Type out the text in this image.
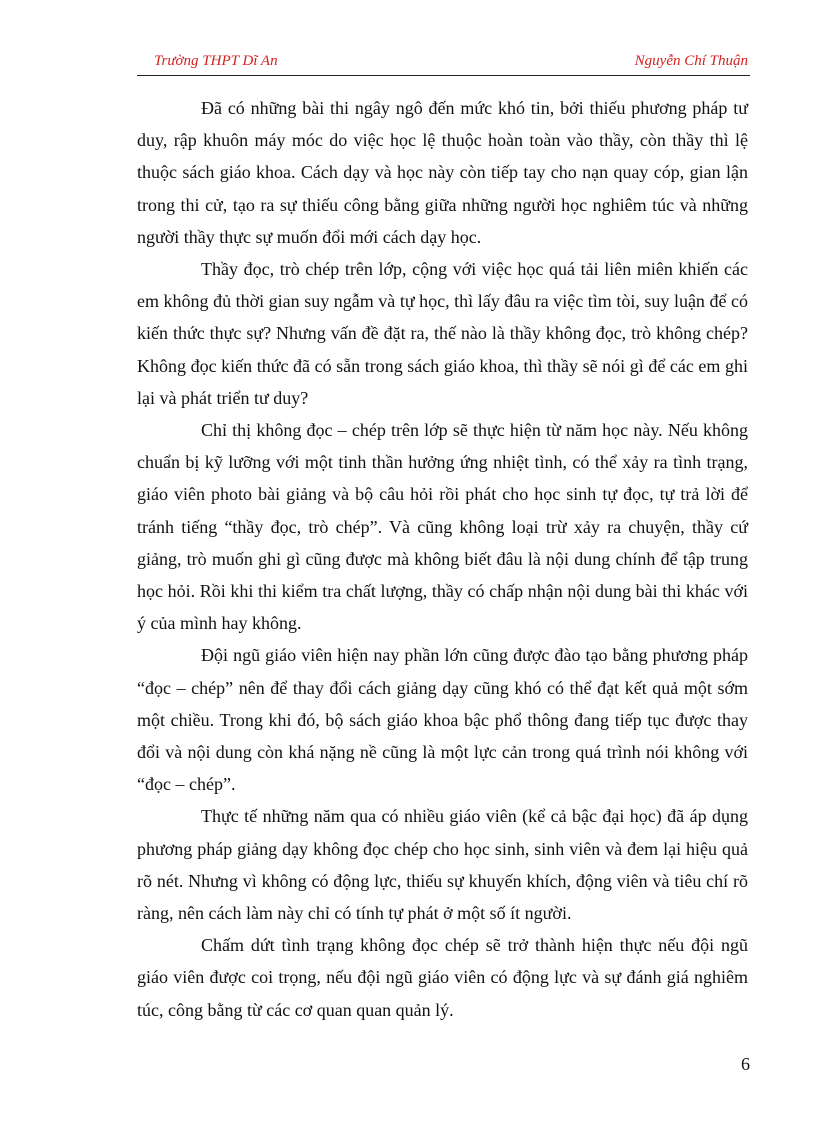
Trường THPT Dĩ An	Nguyễn Chí Thuận

Đã có những bài thi ngây ngô đến mức khó tin, bởi thiếu phương pháp tư duy, rập khuôn máy móc do việc học lệ thuộc hoàn toàn vào thầy, còn thầy thì lệ thuộc sách giáo khoa. Cách dạy và học này còn tiếp tay cho nạn quay cóp, gian lận trong thi cử, tạo ra sự thiếu công bằng giữa những người học nghiêm túc và những người thầy thực sự muốn đổi mới cách dạy học.

Thầy đọc, trò chép trên lớp, cộng với việc học quá tải liên miên khiến các em không đủ thời gian suy ngẫm và tự học, thì lấy đâu ra việc tìm tòi, suy luận để có kiến thức thực sự? Nhưng vấn đề đặt ra, thế nào là thầy không đọc, trò không chép? Không đọc kiến thức đã có sẵn trong sách giáo khoa, thì thầy sẽ nói gì để các em ghi lại và phát triển tư duy?

Chỉ thị không đọc – chép trên lớp sẽ thực hiện từ năm học này. Nếu không chuẩn bị kỹ lưỡng với một tinh thần hưởng ứng nhiệt tình, có thể xảy ra tình trạng, giáo viên photo bài giảng và bộ câu hỏi rồi phát cho học sinh tự đọc, tự trả lời để tránh tiếng “thầy đọc, trò chép”. Và cũng không loại trừ xảy ra chuyện, thầy cứ giảng, trò muốn ghi gì cũng được mà không biết đâu là nội dung chính để tập trung học hỏi. Rồi khi thi kiểm tra chất lượng, thầy có chấp nhận nội dung bài thi khác với ý của mình hay không.

Đội ngũ giáo viên hiện nay phần lớn cũng được đào tạo bằng phương pháp “đọc – chép” nên để thay đổi cách giảng dạy cũng khó có thể đạt kết quả một sớm một chiều. Trong khi đó, bộ sách giáo khoa bậc phổ thông đang tiếp tục được thay đổi và nội dung còn khá nặng nề cũng là một lực cản trong quá trình nói không với “đọc – chép”.

Thực tế những năm qua có nhiều giáo viên (kể cả bậc đại học) đã áp dụng phương pháp giảng dạy không đọc chép cho học sinh, sinh viên và đem lại hiệu quả rõ nét. Nhưng vì không có động lực, thiếu sự khuyến khích, động viên và tiêu chí rõ ràng, nên cách làm này chỉ có tính tự phát ở một số ít người.

Chấm dứt tình trạng không đọc chép sẽ trở thành hiện thực nếu đội ngũ giáo viên được coi trọng, nếu đội ngũ giáo viên có động lực và sự đánh giá nghiêm túc, công bằng từ các cơ quan quan quản lý.

6
